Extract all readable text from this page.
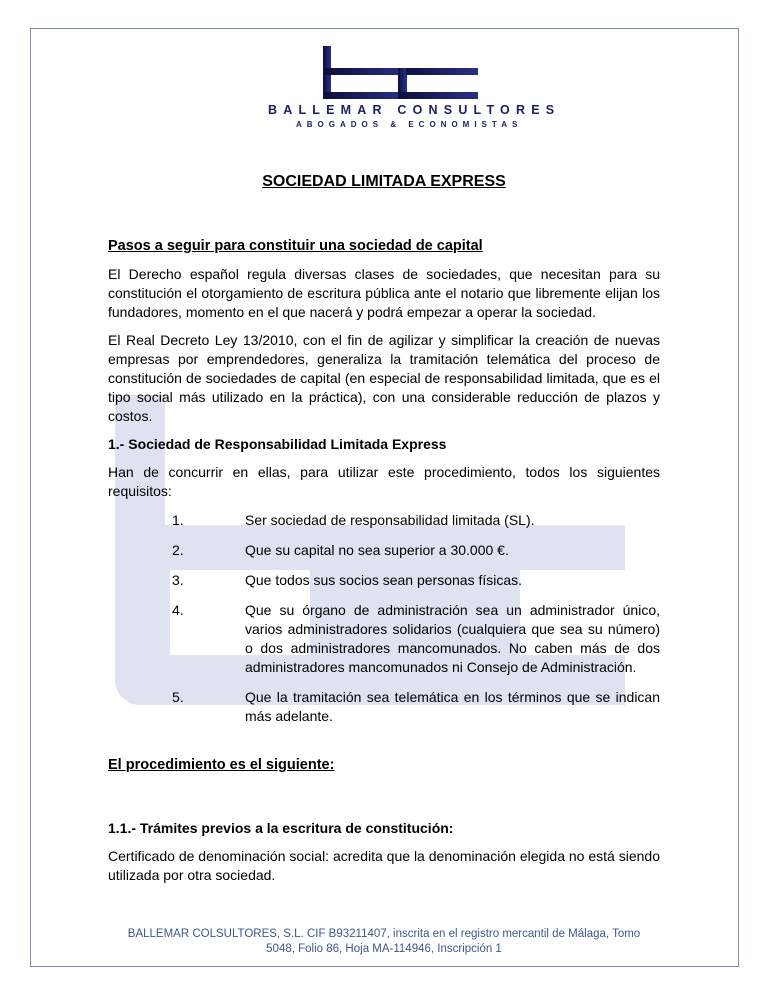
BALLEMAR CONSULTORES
ABOGADOS & ECONOMISTAS
SOCIEDAD LIMITADA EXPRESS
Pasos a seguir para constituir una sociedad de capital

El Derecho español regula diversas clases de sociedades, que necesitan para su constitución el otorgamiento de escritura pública ante el notario que libremente elijan los fundadores, momento en el que nacerá y podrá empezar a operar la sociedad.

El Real Decreto Ley 13/2010, con el fin de agilizar y simplificar la creación de nuevas empresas por emprendedores, generaliza la tramitación telemática del proceso de constitución de sociedades de capital (en especial de responsabilidad limitada, que es el tipo social más utilizado en la práctica), con una considerable reducción de plazos y costos.

1.- Sociedad de Responsabilidad Limitada Express

Han de concurrir en ellas, para utilizar este procedimiento, todos los siguientes requisitos:

1.	Ser sociedad de responsabilidad limitada (SL).
2.	Que su capital no sea superior a 30.000 €.
3.	Que todos sus socios sean personas físicas.
4.	Que su órgano de administración sea un administrador único, varios administradores solidarios (cualquiera que sea su número) o dos administradores mancomunados. No caben más de dos administradores mancomunados ni Consejo de Administración.
5.	Que la tramitación sea telemática en los términos que se indican más adelante.
El procedimiento es el siguiente:
1.1.- Trámites previos a la escritura de constitución:

Certificado de denominación social: acredita que la denominación elegida no está siendo utilizada por otra sociedad.

BALLEMAR COLSULTORES, S.L. CIF B93211407, inscrita en el registro mercantil de Málaga, Tomo
5048, Folio 86, Hoja MA-114946, Inscripción 1
